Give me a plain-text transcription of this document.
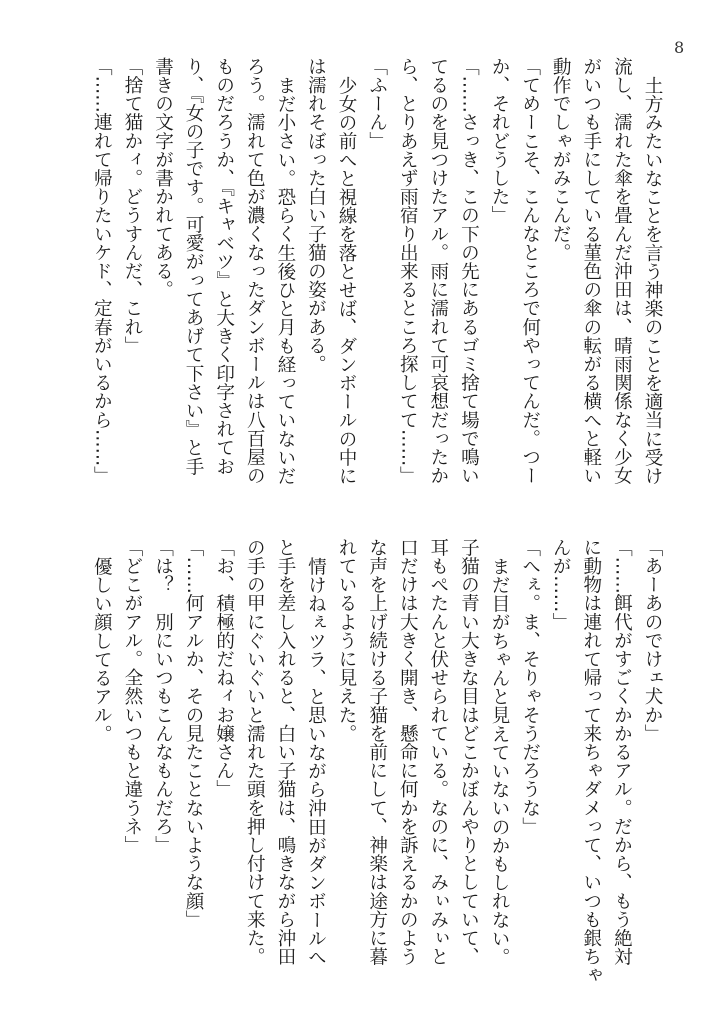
8
土方みたいなことを言う神楽のことを適当に受け
流し、濡れた傘を畳んだ沖田は、晴雨関係なく少女
がいつも手にしている菫色の傘の転がる横へと軽い
動作でしゃがみこんだ。
「てめーこそ、こんなところで何やってんだ。つー
か、それどうした」
「……さっき、この下の先にあるゴミ捨て場で鳴い
てるのを見つけたアル。雨に濡れて可哀想だったか
ら、とりあえず雨宿り出来るところ探してて……」
「ふーん」
少女の前へと視線を落とせば、ダンボールの中に
は濡れそぼった白い子猫の姿がある。
まだ小さい。恐らく生後ひと月も経っていないだ
ろう。濡れて色が濃くなったダンボールは八百屋の
ものだろうか、『キャベツ』と大きく印字されてお
り、『女の子です。可愛がってあげて下さい』と手
書きの文字が書かれてある。
「捨て猫かィ。どうすんだ、これ」
「……連れて帰りたいケド、定春がいるから……」
「あーあのでけェ犬か」
「……餌代がすごくかかるアル。だから、もう絶対
に動物は連れて帰って来ちゃダメって、いつも銀ちゃ
んが……」
「へぇ。ま、そりゃそうだろうな」
まだ目がちゃんと見えていないのかもしれない。
子猫の青い大きな目はどこかぼんやりとしていて、
耳もぺたんと伏せられている。なのに、みぃみぃと
口だけは大きく開き、懸命に何かを訴えるかのよう
な声を上げ続ける子猫を前にして、神楽は途方に暮
れているように見えた。
情けねぇツラ、と思いながら沖田がダンボールへ
と手を差し入れると、白い子猫は、鳴きながら沖田
の手の甲にぐいぐいと濡れた頭を押し付けて来た。
「お、積極的だねィお嬢さん」
「……何アルか、その見たことないような顔」
「は？　別にいつもこんなもんだろ」
「どこがアル。全然いつもと違うネ」
優しい顔してるアル。
